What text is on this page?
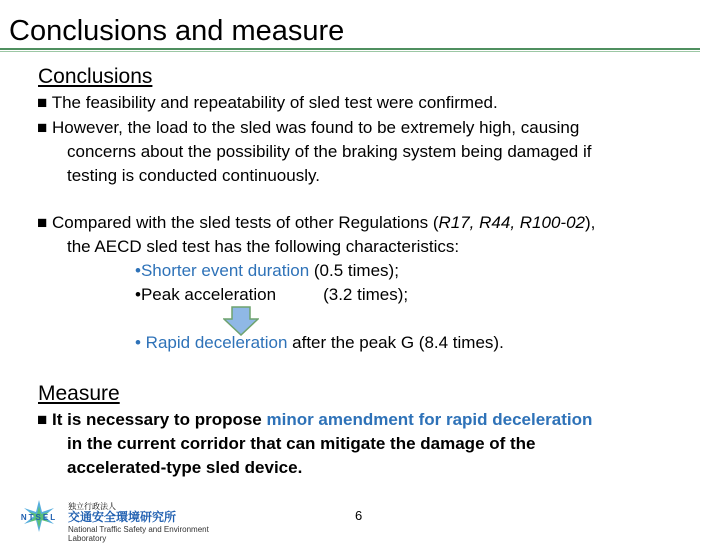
Conclusions and measure
Conclusions
■ The feasibility and repeatability of sled test were confirmed.
■ However, the load to the sled was found to be extremely high, causing
concerns about the possibility of the braking system being damaged if
testing is conducted continuously.
■ Compared with the sled tests of other Regulations (R17, R44, R100-02),
the AECD sled test has the following characteristics:
•Shorter event duration (0.5 times);
•Peak acceleration	(3.2 times);
• Rapid deceleration after the peak G (8.4 times).
Measure
■ It is necessary to propose minor amendment for rapid deceleration
in the current corridor that can mitigate the damage of the
accelerated-type sled device.
NTSEL
独立行政法人
交通安全環境研究所
National Traffic Safety and Environment
Laboratory
6
